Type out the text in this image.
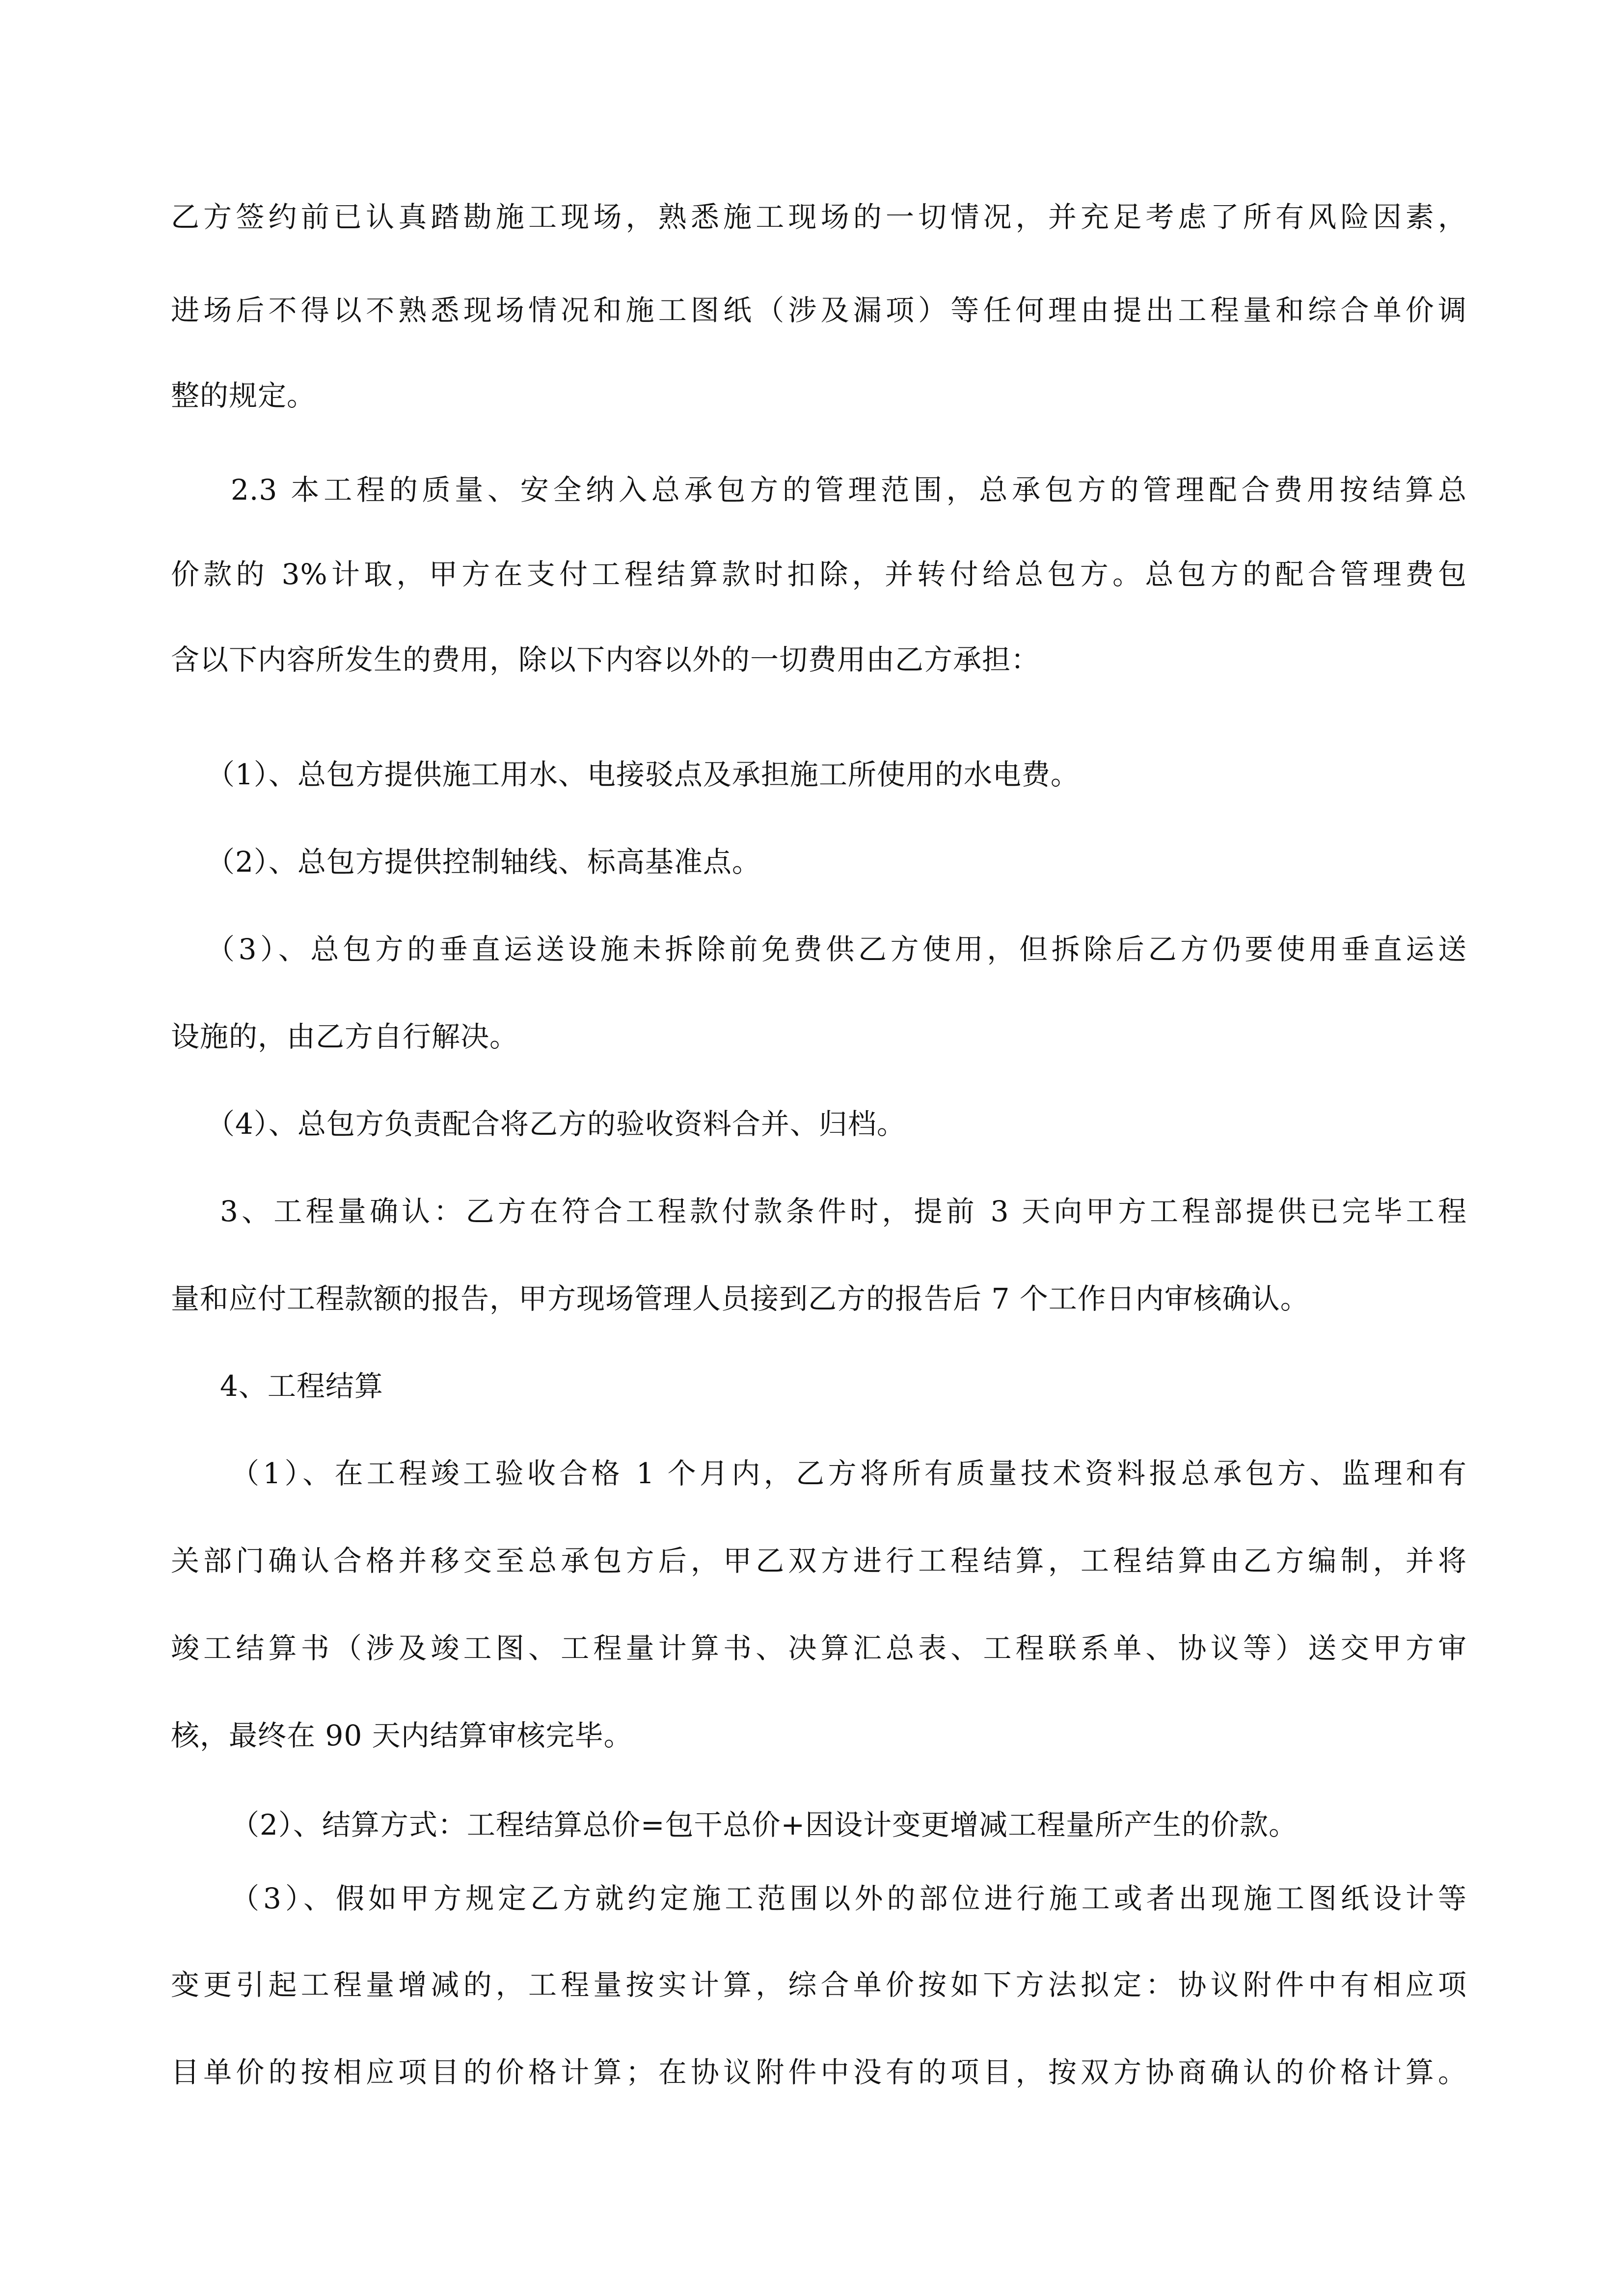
乙方签约前已认真踏勘施工现场，熟悉施工现场的一切情况，并充足考虑了所有风险因素，
进场后不得以不熟悉现场情况和施工图纸（涉及漏项）等任何理由提出工程量和综合单价调
整的规定。
2.3 本工程的质量、安全纳入总承包方的管理范围，总承包方的管理配合费用按结算总
价款的 3%计取，甲方在支付工程结算款时扣除，并转付给总包方。总包方的配合管理费包
含以下内容所发生的费用，除以下内容以外的一切费用由乙方承担：
（1）、总包方提供施工用水、电接驳点及承担施工所使用的水电费。
（2）、总包方提供控制轴线、标高基准点。
（3）、总包方的垂直运送设施未拆除前免费供乙方使用，但拆除后乙方仍要使用垂直运送
设施的，由乙方自行解决。
（4）、总包方负责配合将乙方的验收资料合并、归档。
3、工程量确认：乙方在符合工程款付款条件时，提前 3 天向甲方工程部提供已完毕工程
量和应付工程款额的报告，甲方现场管理人员接到乙方的报告后 7 个工作日内审核确认。
4、工程结算
（1）、在工程竣工验收合格 1 个月内，乙方将所有质量技术资料报总承包方、监理和有
关部门确认合格并移交至总承包方后，甲乙双方进行工程结算，工程结算由乙方编制，并将
竣工结算书（涉及竣工图、工程量计算书、决算汇总表、工程联系单、协议等）送交甲方审
核，最终在 90 天内结算审核完毕。
（2）、结算方式：工程结算总价=包干总价+因设计变更增减工程量所产生的价款。
（3）、假如甲方规定乙方就约定施工范围以外的部位进行施工或者出现施工图纸设计等
变更引起工程量增减的，工程量按实计算，综合单价按如下方法拟定：协议附件中有相应项
目单价的按相应项目的价格计算；在协议附件中没有的项目，按双方协商确认的价格计算。
